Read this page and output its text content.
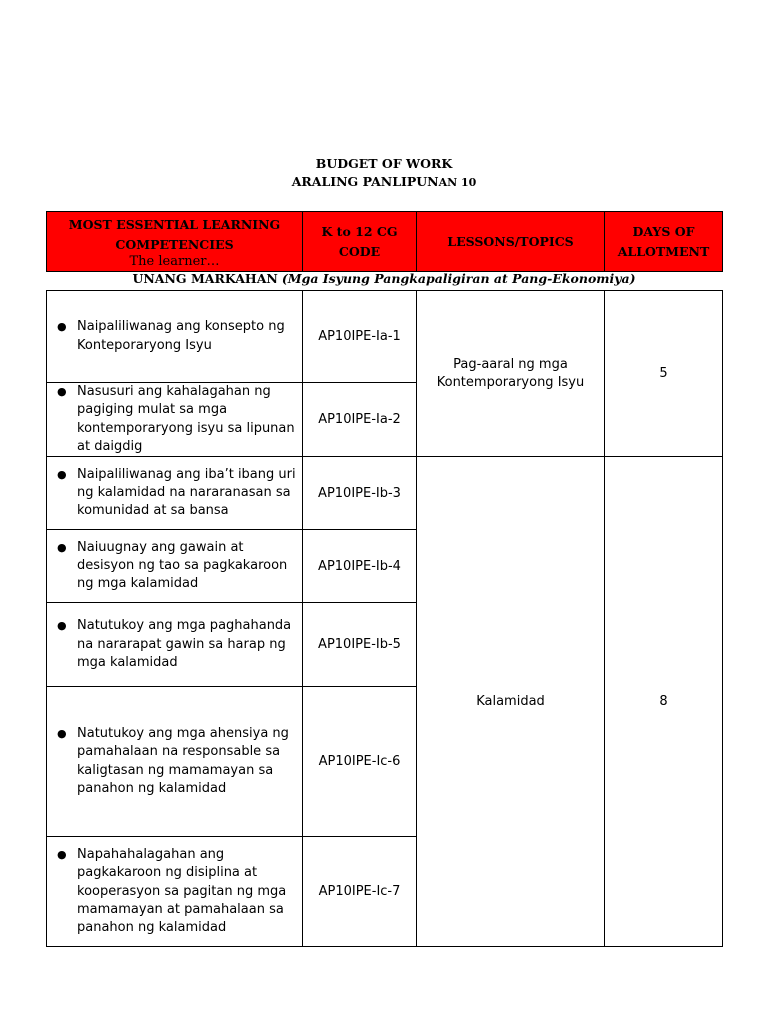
BUDGET OF WORK
ARALING PANLIPUNAN 10
MOST ESSENTIAL LEARNING COMPETENCIES
The learner…
	K to 12 CG CODE	LESSONS/TOPICS	DAYS OF ALLOTMENT
UNANG MARKAHAN (Mga Isyung Pangkapaligiran at Pang-Ekonomiya)
● Naipaliliwanag ang konsepto ng Konteporaryong Isyu	AP10IPE-Ia-1	Pag-aaral ng mga Kontemporaryong Isyu	5

● Nasusuri ang kahalagahan ng pagiging mulat sa mga kontemporaryong isyu sa lipunan at daigdig	AP10IPE-Ia-2		

● Naipaliliwanag ang iba’t ibang uri ng kalamidad na nararanasan sa komunidad at sa bansa	AP10IPE-Ib-3	Kalamidad	8

● Naiuugnay ang gawain at desisyon ng tao sa pagkakaroon ng mga kalamidad	AP10IPE-Ib-4		

● Natutukoy ang mga paghahanda na nararapat gawin sa harap ng mga kalamidad	AP10IPE-Ib-5		

● Natutukoy ang mga ahensiya ng pamahalaan na responsable sa kaligtasan ng mamamayan sa panahon ng kalamidad	AP10IPE-Ic-6		

● Napahahalagahan ang pagkakaroon ng disiplina at kooperasyon sa pagitan ng mga mamamayan at pamahalaan sa panahon ng kalamidad	AP10IPE-Ic-7		
